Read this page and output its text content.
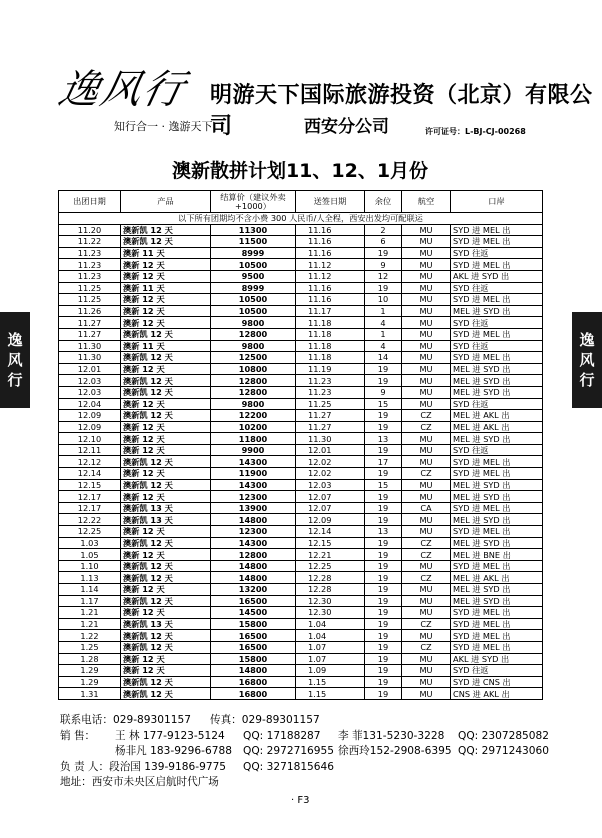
逸风行
知行合一 · 逸游天下
明游天下国际旅游投资（北京）有限公司	西安分公司	许可证号：L-BJ-CJ-00268
澳新散拼计划11、12、1月份
逸
风
行
逸
风
行
出团日期	产品	结算价（建议外卖+1000）	送签日期	余位	航空	口岸
以下所有团期均不含小费 300 人民币/人全程，西安出发均可配联运						
11.20	澳新凯 12 天	11300	11.16	2	MU	SYD 进 MEL 出
11.22	澳新凯 12 天	11500	11.16	6	MU	SYD 进 MEL 出
11.23	澳新 11 天	8999	11.16	19	MU	SYD 往返
11.23	澳新 12 天	10500	11.12	9	MU	SYD 进 MEL 出
11.23	澳新 12 天	9500	11.12	12	MU	AKL 进 SYD 出
11.25	澳新 11 天	8999	11.16	19	MU	SYD 往返
11.25	澳新 12 天	10500	11.16	10	MU	SYD 进 MEL 出
11.26	澳新 12 天	10500	11.17	1	MU	MEL 进 SYD 出
11.27	澳新 12 天	9800	11.18	4	MU	SYD 往返
11.27	澳新凯 12 天	12800	11.18	1	MU	SYD 进 MEL 出
11.30	澳新 11 天	9800	11.18	4	MU	SYD 往返
11.30	澳新凯 12 天	12500	11.18	14	MU	SYD 进 MEL 出
12.01	澳新 12 天	10800	11.19	19	MU	MEL 进 SYD 出
12.03	澳新凯 12 天	12800	11.23	19	MU	MEL 进 SYD 出
12.03	澳新凯 12 天	12800	11.23	9	MU	MEL 进 SYD 出
12.04	澳新 12 天	9800	11.25	15	MU	SYD 往返
12.09	澳新凯 12 天	12200	11.27	19	CZ	MEL 进 AKL 出
12.09	澳新 12 天	10200	11.27	19	CZ	MEL 进 AKL 出
12.10	澳新 12 天	11800	11.30	13	MU	MEL 进 SYD 出
12.11	澳新 12 天	9900	12.01	19	MU	SYD 往返
12.12	澳新凯 12 天	14300	12.02	17	MU	SYD 进 MEL 出
12.14	澳新 12 天	11900	12.02	19	CZ	SYD 进 MEL 出
12.15	澳新凯 12 天	14300	12.03	15	MU	MEL 进 SYD 出
12.17	澳新 12 天	12300	12.07	19	MU	MEL 进 SYD 出
12.17	澳新凯 13 天	13900	12.07	19	CA	SYD 进 MEL 出
12.22	澳新凯 13 天	14800	12.09	19	MU	MEL 进 SYD 出
12.25	澳新 12 天	12300	12.14	13	MU	SYD 进 MEL 出
1.03	澳新凯 12 天	14300	12.15	19	CZ	MEL 进 SYD 出
1.05	澳新 12 天	12800	12.21	19	CZ	MEL 进 BNE 出
1.10	澳新凯 12 天	14800	12.25	19	MU	SYD 进 MEL 出
1.13	澳新凯 12 天	14800	12.28	19	CZ	MEL 进 AKL 出
1.14	澳新 12 天	13200	12.28	19	MU	MEL 进 SYD 出
1.17	澳新凯 12 天	16500	12.30	19	MU	MEL 进 SYD 出
1.21	澳新 12 天	14500	12.30	19	MU	SYD 进 MEL 出
1.21	澳新凯 13 天	15800	1.04	19	CZ	SYD 进 MEL 出
1.22	澳新凯 12 天	16500	1.04	19	MU	SYD 进 MEL 出
1.25	澳新凯 12 天	16500	1.07	19	CZ	SYD 进 MEL 出
1.28	澳新 12 天	15800	1.07	19	MU	AKL 进 SYD 出
1.29	澳新 12 天	14800	1.09	19	MU	SYD 往返
1.29	澳新凯 12 天	16800	1.15	19	MU	SYD 进 CNS 出
1.31	澳新凯 12 天	16800	1.15	19	MU	CNS 进 AKL 出
联系电话：029-89301157 传真：029-89301157
销 售： 王 林 177-9123-5124 QQ: 17188287 李 菲131-5230-3228 QQ: 2307285082
杨非凡 183-9296-6788 QQ: 2972716955 徐西玲152-2908-6395 QQ: 2971243060
负 责 人：段治国 139-9186-9775 QQ: 3271815646
地址：西安市未央区启航时代广场
· F3
